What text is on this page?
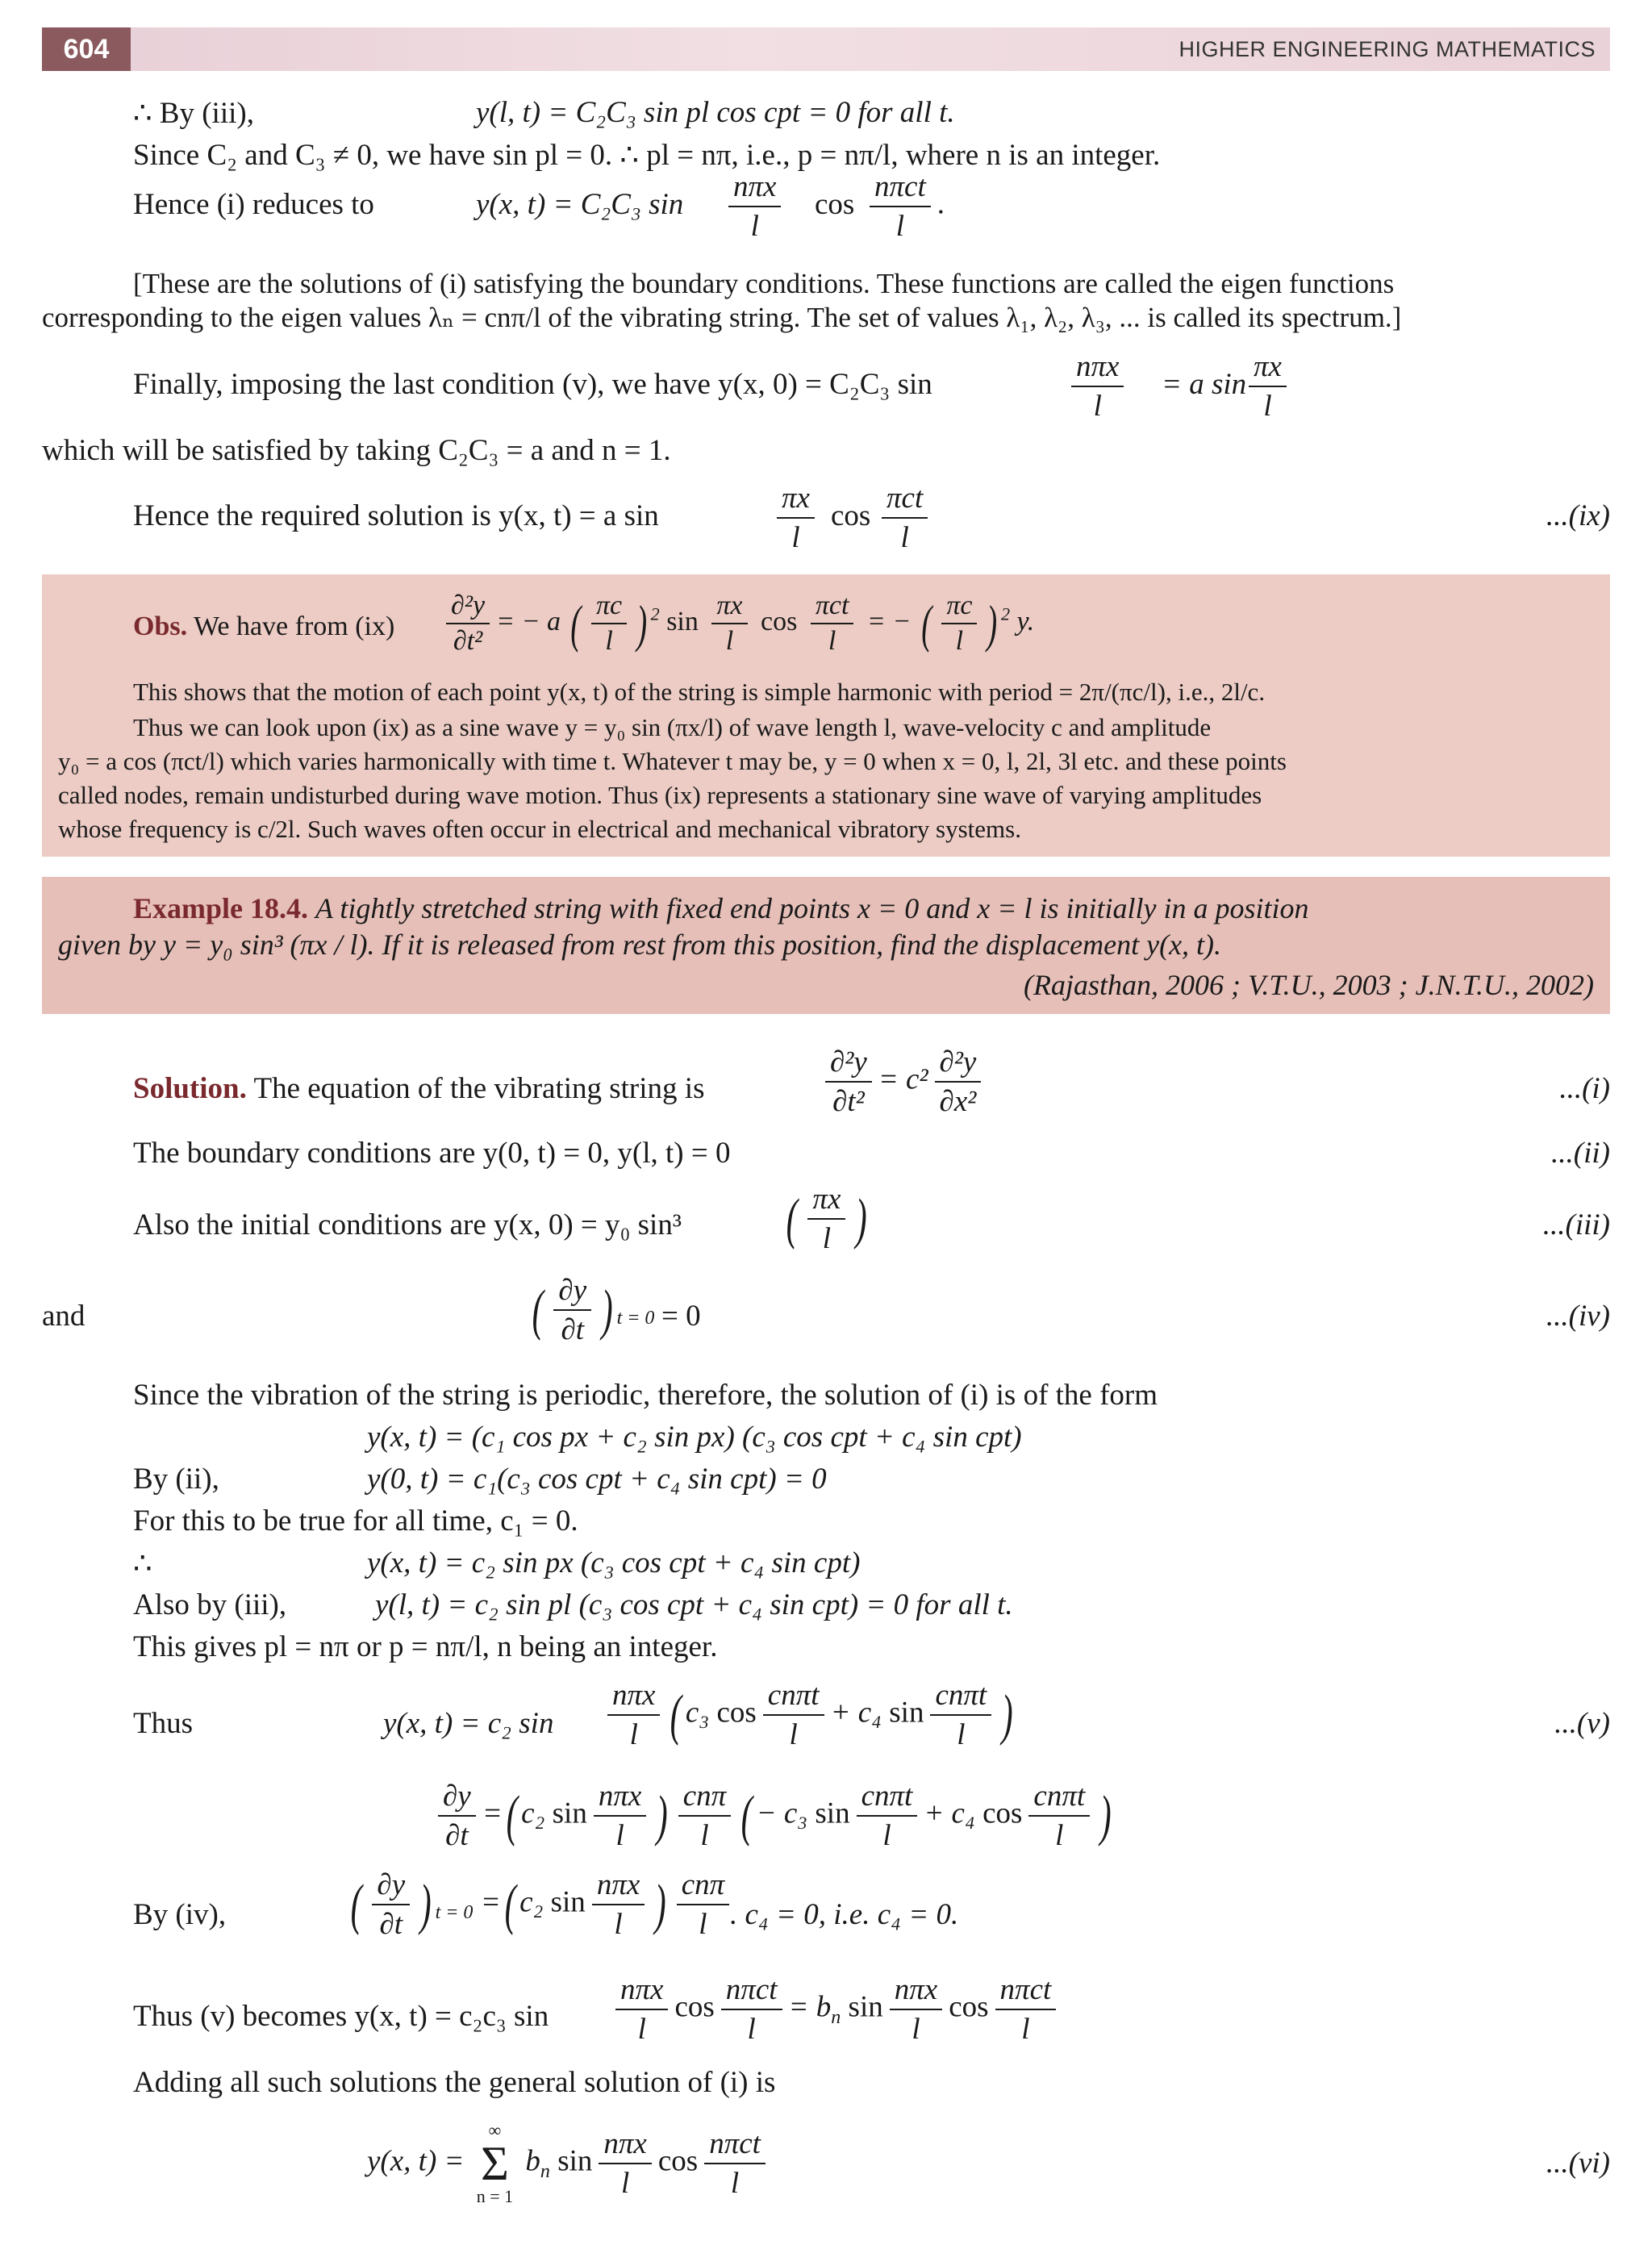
604	HIGHER ENGINEERING MATHEMATICS
∴ By (iii),	y(l, t) = C₂C₃ sin pl cos cpt = 0 for all t.
Since C₂ and C₃ ≠ 0, we have sin pl = 0. ∴ pl = nπ, i.e., p = nπ/l, where n is an integer.
Hence (i) reduces to	y(x, t) = C₂C₃ $\sin \frac{\text{nπx}}{l}$ $\cos \frac{\text{nπct}}{l}$ .
[These are the solutions of (i) satisfying the boundary conditions. These functions are called the eigen functions
corresponding to the eigen values λₙ = cnπ/l of the vibrating string. The set of values λ₁, λ₂, λ₃, ... is called its spectrum.]
Finally, imposing the last condition (v), we have y(x, 0) = C₂C₃ sin	$\frac{\text{nπx}}{l} = a$ $\sin \frac{\pi x}{l}$
which will be satisfied by taking C₂C₃ = a and n = 1.
Hence the required solution is y(x, t) = a sin	$\frac{\pi x}{l}$ $\cos \frac{\text{πct}}{l}$	...(ix)
Obs. We have from $(ix) \frac{\text{∂²y}}{\text{∂t²}}$ = − a ( $\frac{\pi c}{l}$ ) $^2$ $\sin \frac{\pi x}{l}$ $\cos \frac{\text{πct}}{l}$ = − ( $\frac{\pi c}{l}$ ) $^2$ y.
This shows that the motion of each point y(x, t) of the string is simple harmonic with period = 2π/(πc/l), i.e., 2l/c.
Thus we can look upon (ix) as a sine wave y = y₀ sin (πx/l) of wave length l, wave-velocity c and amplitude
y₀ = a cos (πct/l) which varies harmonically with time t. Whatever t may be, y = 0 when x = 0, l, 2l, 3l etc. and these points
called nodes, remain undisturbed during wave motion. Thus (ix) represents a stationary sine wave of varying amplitudes
whose frequency is c/2l. Such waves often occur in electrical and mechanical vibratory systems.
Example 18.4. A tightly stretched string with fixed end points x = 0 and x = l is initially in a position
given by y = y₀ sin³ (πx / l). If it is released from rest from this position, find the displacement y(x, t).
(Rajasthan, 2006 ; V.T.U., 2003 ; J.N.T.U., 2002)
Solution. The equation of the vibrating string is	$\frac{\text{∂²y}}{\text{∂t²}} = c^2 \frac{\text{∂²y}}{\text{∂x²}}$	...(i)
The boundary conditions are y(0, t) = 0, y(l, t) = 0	...(ii)
Also the initial conditions are y(x, 0) = y₀ sin³ ( $\frac{\pi x}{l}$ )	...(iii)
and	( $\frac{\partial y}{\partial t}$ ) $_{t = 0}$ = 0	...(iv)
Since the vibration of the string is periodic, therefore, the solution of (i) is of the form
y(x, t) = (c₁ cos px + c₂ sin px) (c₃ cos cpt + c₄ sin cpt)
By (ii),	y(0, t) = c₁(c₃ cos cpt + c₄ sin cpt) = 0
For this to be true for all time, c₁ = 0.
∴	y(x, t) = c₂ sin px (c₃ cos cpt + c₄ sin cpt)
Also by (iii),	y(l, t) = c₂ sin pl (c₃ cos cpt + c₄ sin cpt) = 0 for all t.
This gives pl = nπ or p = nπ/l, n being an integer.
Thus	y(x, t) = c₂ $\sin \frac{\text{nπx}}{l}$ ( c₃ $\cos \frac{\text{cnπt}}{l} + c_4$ $\sin \frac{\text{cnπt}}{l}$ )	...(v)
$\frac{\partial y}{\partial t}$ =( c₂ $\sin \frac{\text{nπx}}{l}$ ) $\frac{\text{cnπ}}{l}$ ( − c₃ $\sin \frac{\text{cnπt}}{l} + c_4$ $\cos \frac{\text{cnπt}}{l}$ )
By (iv), ( $\frac{\partial y}{\partial t}$ ) $_{t = 0}$ =( c₂ $\sin \frac{\text{nπx}}{l}$ ) $\frac{\text{cnπ}}{l}$ . c₄ = 0, i.e. c₄ = 0.
Thus (v) becomes y(x, t) = c₂c₃ $\sin \frac{\text{nπx}}{l}$ $\cos \frac{\text{nπct}}{l} = b_n$ $\sin \frac{\text{nπx}}{l}$ $\cos \frac{\text{nπct}}{l}$
Adding all such solutions the general solution of (i) is
y(x, t) =
∞
Σ
n = 1
$b_n$ $\sin \frac{\text{nπx}}{l}$ $\cos \frac{\text{nπct}}{l}$	...(vi)
